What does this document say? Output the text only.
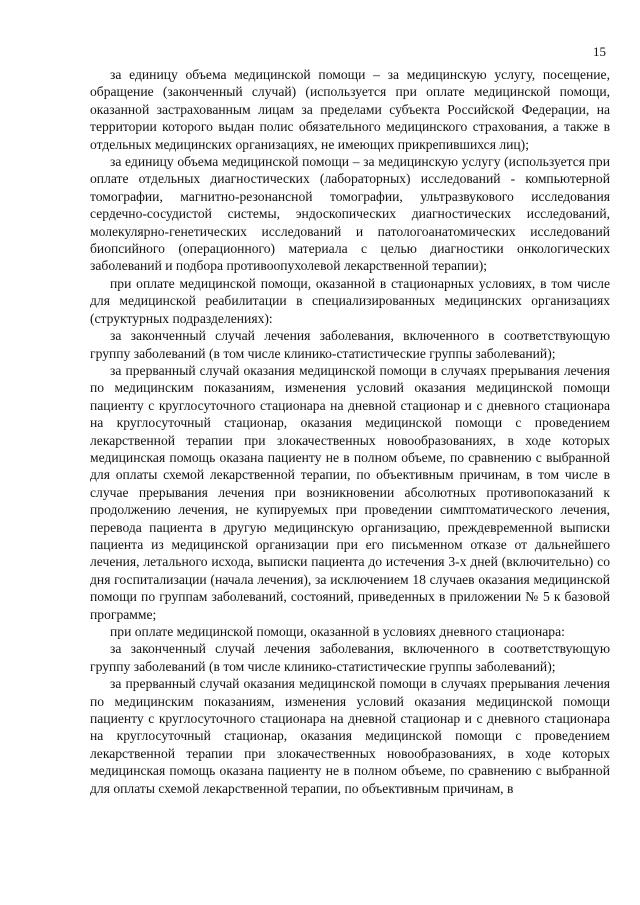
15

за единицу объема медицинской помощи – за медицинскую услугу, посещение, обращение (законченный случай) (используется при оплате медицинской помощи, оказанной застрахованным лицам за пределами субъекта Российской Федерации, на территории которого выдан полис обязательного медицинского страхования, а также в отдельных медицинских организациях, не имеющих прикрепившихся лиц);

за единицу объема медицинской помощи – за медицинскую услугу (используется при оплате отдельных диагностических (лабораторных) исследований - компьютерной томографии, магнитно-резонансной томографии, ультразвукового исследования сердечно-сосудистой системы, эндоскопических диагностических исследований, молекулярно-генетических исследований и патологоанатомических исследований биопсийного (операционного) материала с целью диагностики онкологических заболеваний и подбора противоопухолевой лекарственной терапии);

при оплате медицинской помощи, оказанной в стационарных условиях, в том числе для медицинской реабилитации в специализированных медицинских организациях (структурных подразделениях):

за законченный случай лечения заболевания, включенного в соответствующую группу заболеваний (в том числе клинико-статистические группы заболеваний);

за прерванный случай оказания медицинской помощи в случаях прерывания лечения по медицинским показаниям, изменения условий оказания медицинской помощи пациенту с круглосуточного стационара на дневной стационар и с дневного стационара на круглосуточный стационар, оказания медицинской помощи с проведением лекарственной терапии при злокачественных новообразованиях, в ходе которых медицинская помощь оказана пациенту не в полном объеме, по сравнению с выбранной для оплаты схемой лекарственной терапии, по объективным причинам, в том числе в случае прерывания лечения при возникновении абсолютных противопоказаний к продолжению лечения, не купируемых при проведении симптоматического лечения, перевода пациента в другую медицинскую организацию, преждевременной выписки пациента из медицинской организации при его письменном отказе от дальнейшего лечения, летального исхода, выписки пациента до истечения 3-х дней (включительно) со дня госпитализации (начала лечения), за исключением 18 случаев оказания медицинской помощи по группам заболеваний, состояний, приведенных в приложении № 5 к базовой программе;

при оплате медицинской помощи, оказанной в условиях дневного стационара:

за законченный случай лечения заболевания, включенного в соответствующую группу заболеваний (в том числе клинико-статистические группы заболеваний);

за прерванный случай оказания медицинской помощи в случаях прерывания лечения по медицинским показаниям, изменения условий оказания медицинской помощи пациенту с круглосуточного стационара на дневной стационар и с дневного стационара на круглосуточный стационар, оказания медицинской помощи с проведением лекарственной терапии при злокачественных новообразованиях, в ходе которых медицинская помощь оказана пациенту не в полном объеме, по сравнению с выбранной для оплаты схемой лекарственной терапии, по объективным причинам, в
